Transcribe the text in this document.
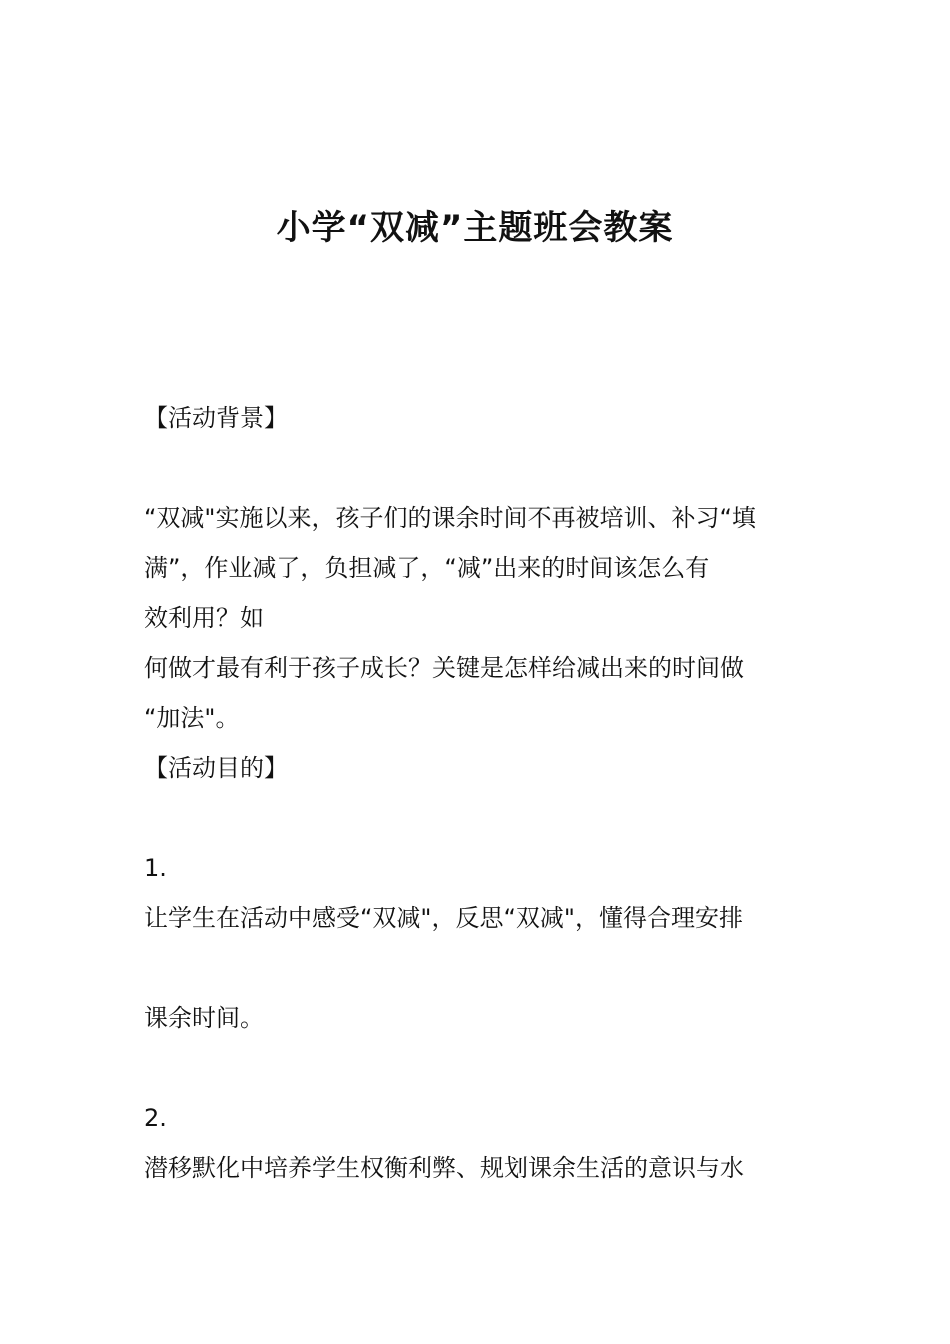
小学“双减”主题班会教案
【活动背景】
“双减"实施以来，孩子们的课余时间不再被培训、补习“填
满”，作业减了，负担减了，“减”出来的时间该怎么有
效利用？如
何做才最有利于孩子成长？关键是怎样给减出来的时间做
“加法"。
【活动目的】
1.
让学生在活动中感受“双减"，反思“双减"，懂得合理安排
课余时间。
2.
潜移默化中培养学生权衡利弊、规划课余生活的意识与水
